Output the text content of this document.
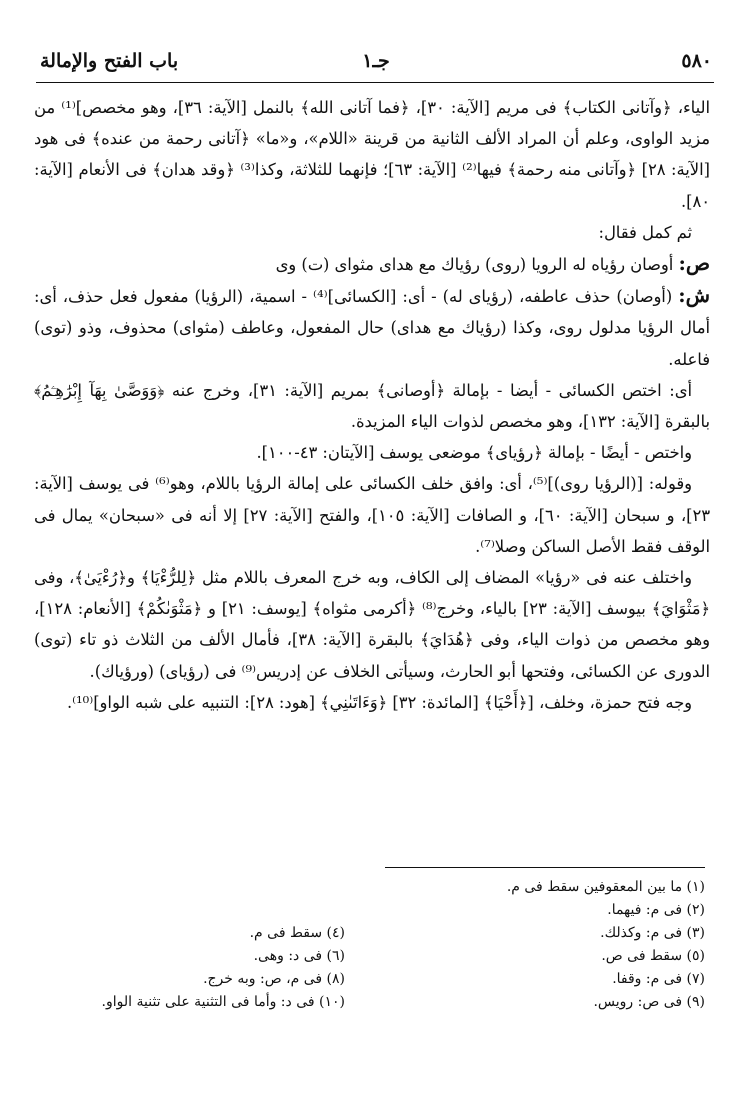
٥٨٠
جـ١
باب الفتح والإمالة

الياء، ﴿وآتانى الكتاب﴾ فى مريم [الآية: ٣٠]، ﴿فما آتانى الله﴾ بالنمل [الآية: ٣٦]، وهو مخصص]⁽¹⁾ من مزيد الواوى، وعلم أن المراد الألف الثانية من قرينة «اللام»، و«ما» ﴿آتانى رحمة من عنده﴾ فى هود [الآية: ٢٨] ﴿وآتانى منه رحمة﴾ فيها⁽²⁾ [الآية: ٦٣]؛ فإنهما للثلاثة، وكذا⁽³⁾ ﴿وقد هدان﴾ فى الأنعام [الآية: ٨٠].

ثم كمل فقال:

ص: أوصان رؤياه له الرويا (روى) رؤياك مع هداى مثواى (ت) وى

ش: (أوصان) حذف عاطفه، (رؤياى له) - أى: [الكسائى]⁽⁴⁾ - اسمية، (الرؤيا) مفعول فعل حذف، أى: أمال الرؤيا مدلول روى، وكذا (رؤياك مع هداى) حال المفعول، وعاطف (مثواى) محذوف، وذو (توى) فاعله.

أى: اختص الكسائى - أيضا - بإمالة ﴿أوصانى﴾ بمريم [الآية: ٣١]، وخرج عنه ﴿وَوَصَّىٰ بِهَآ إِبْرَٰهِـۧمُ﴾ بالبقرة [الآية: ١٣٢]، وهو مخصص لذوات الياء المزيدة.

واختص - أيضًا - بإمالة ﴿رؤياى﴾ موضعى يوسف [الآيتان: ٤٣-١٠٠].

وقوله: [(الرؤيا روى)]⁽⁵⁾، أى: وافق خلف الكسائى على إمالة الرؤيا باللام، وهو⁽⁶⁾ فى يوسف [الآية: ٢٣]، و سبحان [الآية: ٦٠]، و الصافات [الآية: ١٠٥]، والفتح [الآية: ٢٧] إلا أنه فى «سبحان» يمال فى الوقف فقط الأصل الساكن وصلا⁽⁷⁾.

واختلف عنه فى «رؤيا» المضاف إلى الكاف، وبه خرج المعرف باللام مثل ﴿لِلرُّءْيَا﴾ و﴿رُءْيَىٰ﴾، وفى ﴿مَثْوَايَ﴾ بيوسف [الآية: ٢٣] بالياء، وخرج⁽⁸⁾ ﴿أكرمى مثواه﴾ [يوسف: ٢١] و ﴿مَثْوَىٰكُمْ﴾ [الأنعام: ١٢٨]، وهو مخصص من ذوات الياء، وفى ﴿هُدَايَ﴾ بالبقرة [الآية: ٣٨]، فأمال الألف من الثلاث ذو تاء (توى) الدورى عن الكسائى، وفتحها أبو الحارث، وسيأتى الخلاف عن إدريس⁽⁹⁾ فى (رؤياى) (ورؤياك).

وجه فتح حمزة، وخلف، [﴿أَحْيَا﴾ [المائدة: ٣٢] ﴿وَءَاتَىٰنِي﴾ [هود: ٢٨]: التنبيه على شبه الواو]⁽¹⁰⁾.

(١) ما بين المعقوفين سقط فى م.
(٢) فى م: فيهما.
(٣) فى م: وكذلك.
(٥) سقط فى ص.
(٧) فى م: وقفا.
(٩) فى ص: رويس.
(٤) سقط فى م.
(٦) فى د: وهى.
(٨) فى م، ص: وبه خرج.
(١٠) فى د: وأما فى التثنية على تثنية الواو.
